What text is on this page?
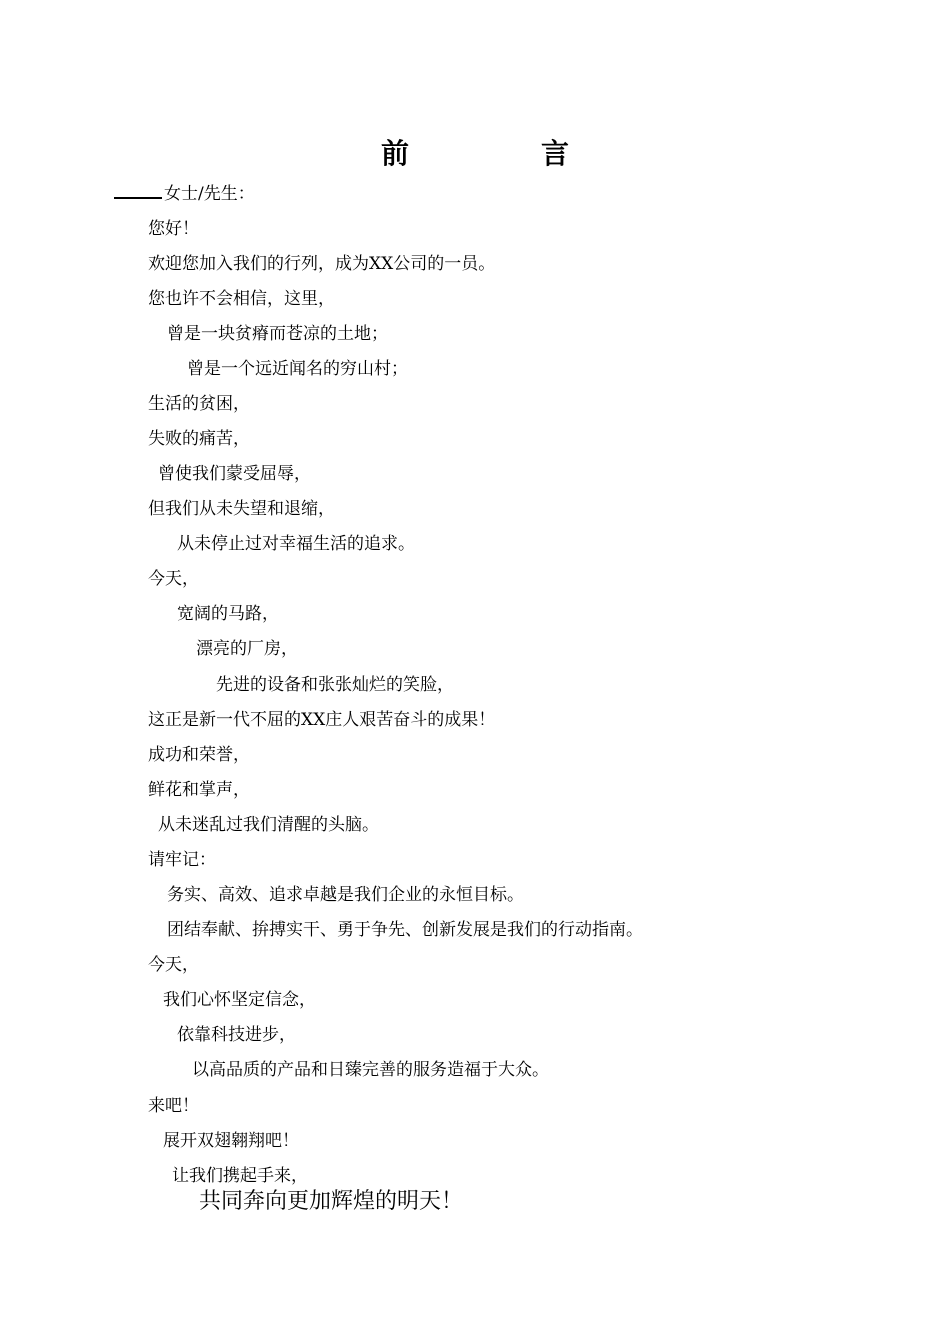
前　言
女士/先生：
您好！
欢迎您加入我们的行列，成为XX公司的一员。
您也许不会相信，这里，
曾是一块贫瘠而苍凉的土地；
曾是一个远近闻名的穷山村；
生活的贫困，
失败的痛苦，
曾使我们蒙受屈辱，
但我们从未失望和退缩，
从未停止过对幸福生活的追求。
今天，
宽阔的马路，
漂亮的厂房，
先进的设备和张张灿烂的笑脸，
这正是新一代不屈的XX庄人艰苦奋斗的成果！
成功和荣誉，
鲜花和掌声，
从未迷乱过我们清醒的头脑。
请牢记：
务实、高效、追求卓越是我们企业的永恒目标。
团结奉献、拚搏实干、勇于争先、创新发展是我们的行动指南。
今天，
我们心怀坚定信念，
依靠科技进步，
以高品质的产品和日臻完善的服务造福于大众。
来吧！
展开双翅翱翔吧！
让我们携起手来，
共同奔向更加辉煌的明天！
